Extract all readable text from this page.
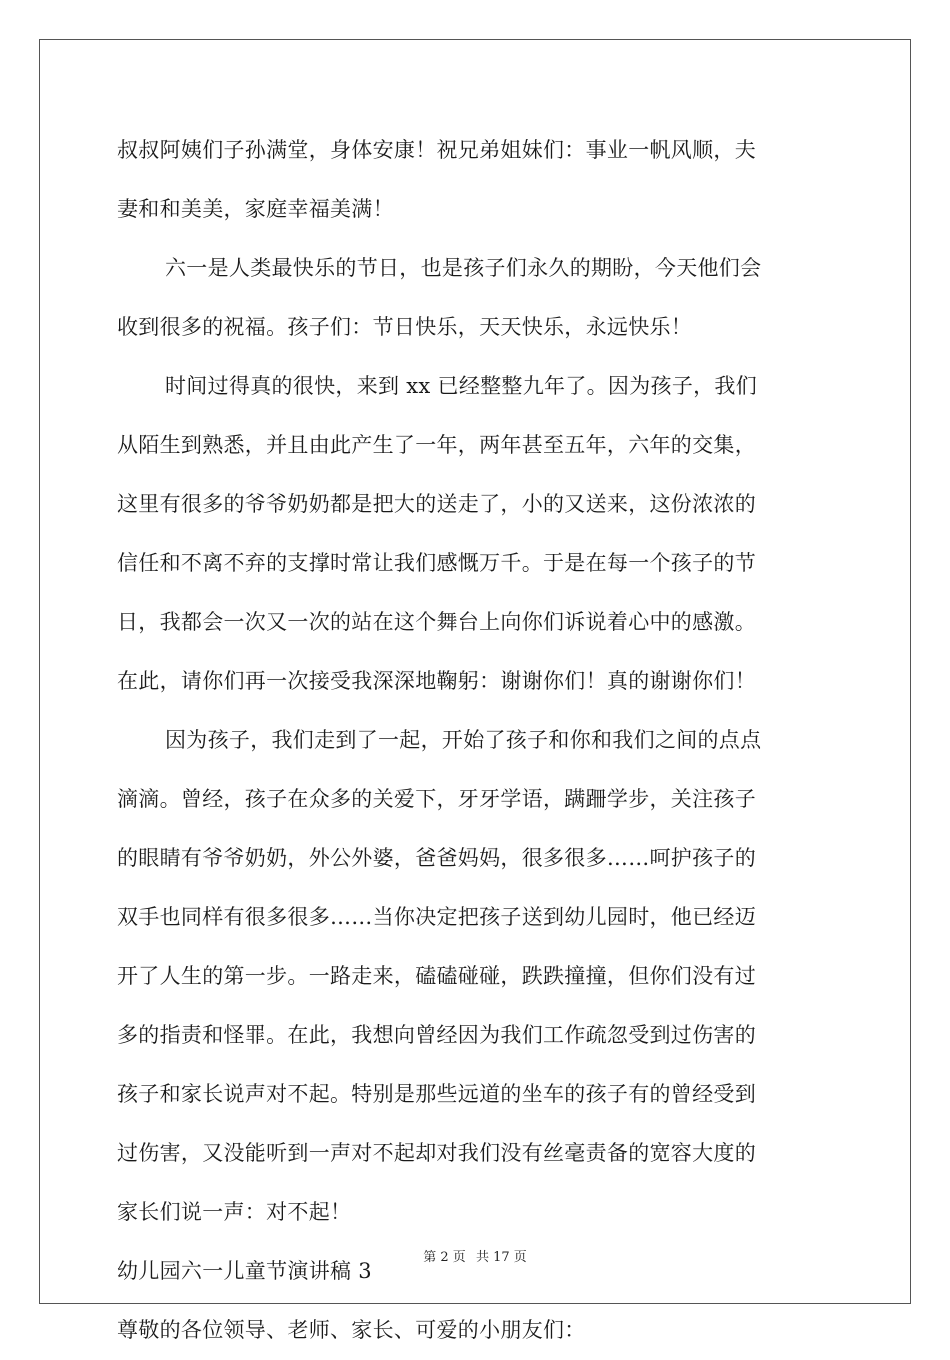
叔叔阿姨们子孙满堂，身体安康！祝兄弟姐妹们：事业一帆风顺，夫
妻和和美美，家庭幸福美满！
六一是人类最快乐的节日，也是孩子们永久的期盼，今天他们会
收到很多的祝福。孩子们：节日快乐，天天快乐，永远快乐！
时间过得真的很快，来到 xx 已经整整九年了。因为孩子，我们
从陌生到熟悉，并且由此产生了一年，两年甚至五年，六年的交集，
这里有很多的爷爷奶奶都是把大的送走了，小的又送来，这份浓浓的
信任和不离不弃的支撑时常让我们感慨万千。于是在每一个孩子的节
日，我都会一次又一次的站在这个舞台上向你们诉说着心中的感激。
在此，请你们再一次接受我深深地鞠躬：谢谢你们！真的谢谢你们！
因为孩子，我们走到了一起，开始了孩子和你和我们之间的点点
滴滴。曾经，孩子在众多的关爱下，牙牙学语，蹒跚学步，关注孩子
的眼睛有爷爷奶奶，外公外婆，爸爸妈妈，很多很多……呵护孩子的
双手也同样有很多很多……当你决定把孩子送到幼儿园时，他已经迈
开了人生的第一步。一路走来，磕磕碰碰，跌跌撞撞，但你们没有过
多的指责和怪罪。在此，我想向曾经因为我们工作疏忽受到过伤害的
孩子和家长说声对不起。特别是那些远道的坐车的孩子有的曾经受到
过伤害，又没能听到一声对不起却对我们没有丝毫责备的宽容大度的
家长们说一声：对不起！
幼儿园六一儿童节演讲稿 3
尊敬的各位领导、老师、家长、可爱的小朋友们：
第 2 页 共 17 页
